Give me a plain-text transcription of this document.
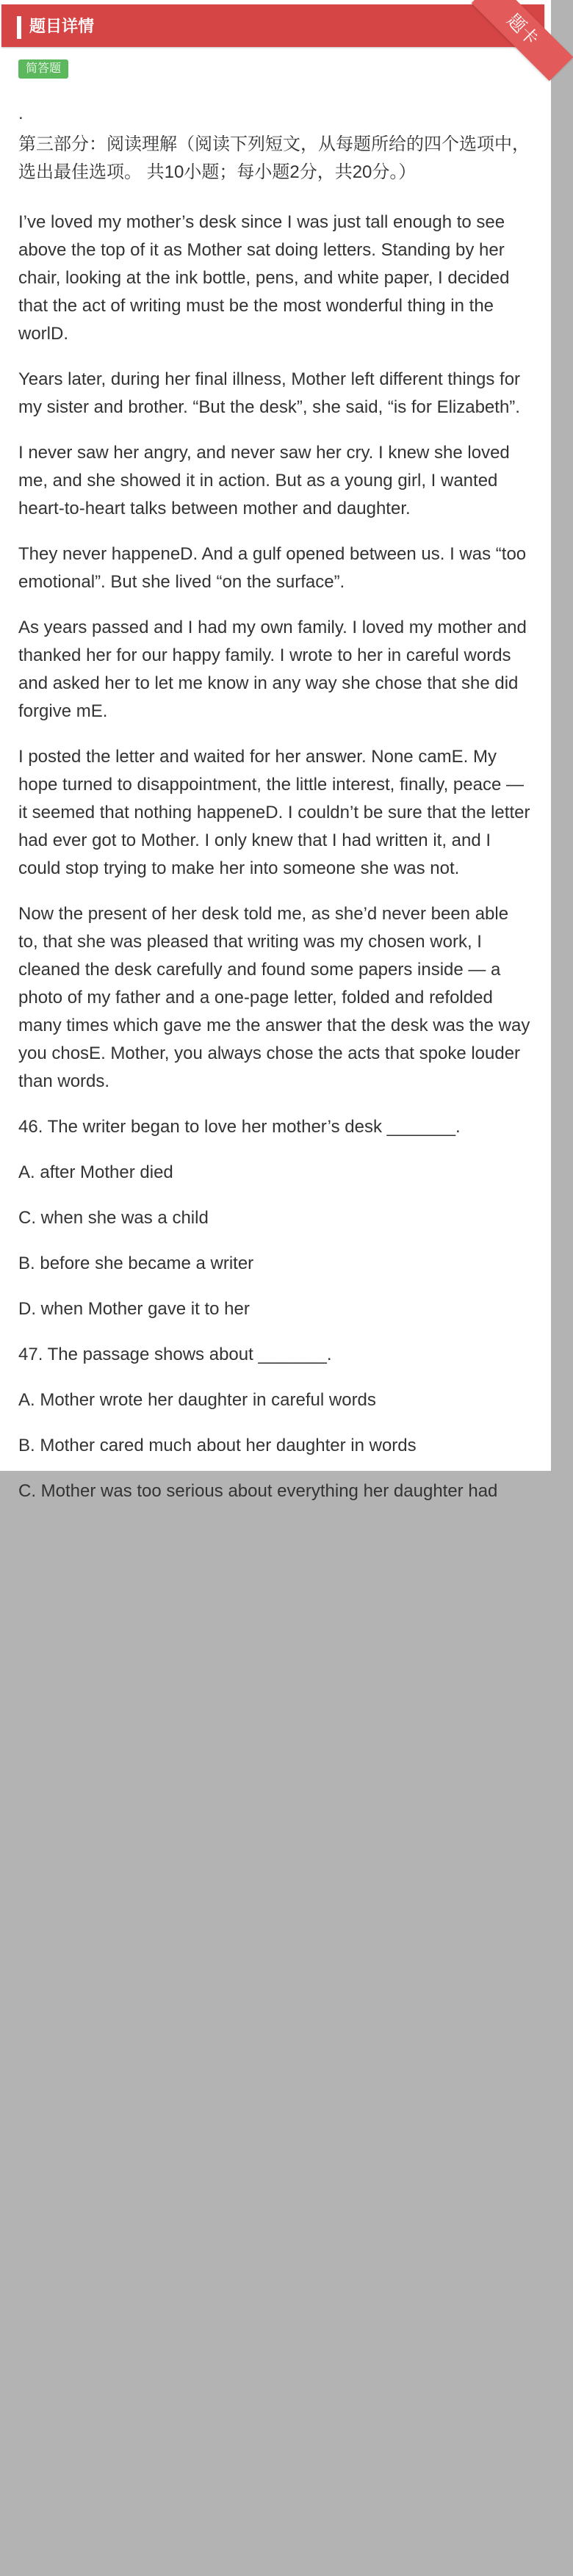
题目详情	题卡
简答题

.

第三部分：阅读理解（阅读下列短文，从每题所给的四个选项中，选出最佳选项。 共10小题；每小题2分，共20分。）

I’ve loved my mother’s desk since I was just tall enough to see above the top of it as Mother sat doing letters. Standing by her chair, looking at the ink bottle, pens, and white paper, I decided that the act of writing must be the most wonderful thing in the worlD.

Years later, during her final illness, Mother left different things for my sister and brother. “But the desk”, she said, “is for Elizabeth”.

I never saw her angry, and never saw her cry. I knew she loved me, and she showed it in action. But as a young girl, I wanted heart-to-heart talks between mother and daughter.

They never happeneD. And a gulf opened between us. I was “too emotional”. But she lived “on the surface”.

As years passed and I had my own family. I loved my mother and thanked her for our happy family. I wrote to her in careful words and asked her to let me know in any way she chose that she did forgive mE.

I posted the letter and waited for her answer. None camE. My hope turned to disappointment, the little interest, finally, peace — it seemed that nothing happeneD. I couldn’t be sure that the letter had ever got to Mother. I only knew that I had written it, and I could stop trying to make her into someone she was not.

Now the present of her desk told me, as she’d never been able to, that she was pleased that writing was my chosen work, I cleaned the desk carefully and found some papers inside — a photo of my father and a one-page letter, folded and refolded many times which gave me the answer that the desk was the way you chosE. Mother, you always chose the acts that spoke louder than words.

46. The writer began to love her mother’s desk _______.

A. after Mother died

C. when she was a child

B. before she became a writer

D. when Mother gave it to her

47. The passage shows about _______.

A. Mother wrote her daughter in careful words

B. Mother cared much about her daughter in words

C. Mother was too serious about everything her daughter had
